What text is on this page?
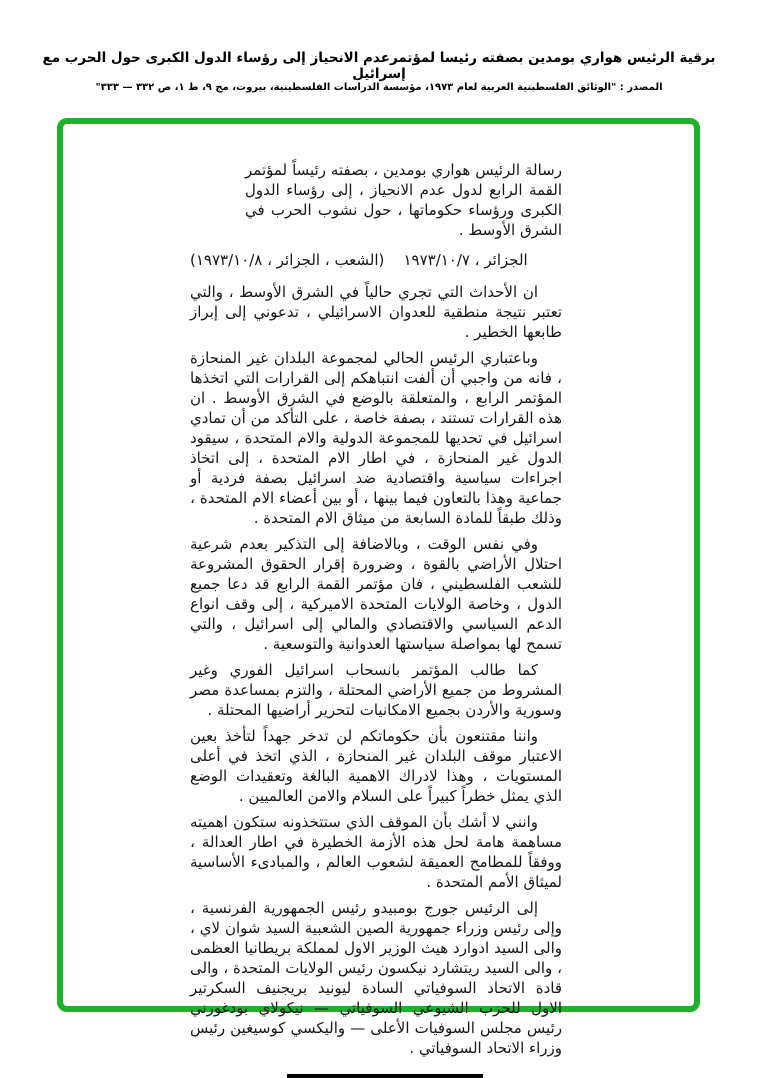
برقية الرئيس هواري بومدين بصفته رئيسا لمؤتمرعدم الانحياز إلى رؤساء الدول الكبرى حول الحرب مع إسرائيل
المصدر : "الوثائق الفلسطينية العربية لعام ١٩٧٣، مؤسسة الدراسات الفلسطينية، بيروت، مج ٩، ط ١، ص ٣٣٢ — ٣٣٣"

رسالة الرئيس هواري بومدين ، بصفته رئيساً لمؤتمر القمة الرابع لدول عدم الانحياز ، إلى رؤساء الدول الكبرى ورؤساء حكوماتها ، حول نشوب الحرب في الشرق الأوسط .

الجزائر ، ١٩٧٣/١٠/٧    (الشعب ، الجزائر ، ١٩٧٣/١٠/٨)

ان الأحداث التي تجري حالياً في الشرق الأوسط ، والتي تعتبر نتيجة منطقية للعدوان الاسرائيلي ، تدعوني إلى إبراز طابعها الخطير .

وباعتباري الرئيس الحالي لمجموعة البلدان غير المنحازة ، فانه من واجبي أن ألفت انتباهكم إلى القرارات التي اتخذها المؤتمر الرابع ، والمتعلقة بالوضع في الشرق الأوسط . ان هذه القرارات تستند ، بصفة خاصة ، على التأكد من أن تمادي اسرائيل في تحديها للمجموعة الدولية والام المتحدة ، سيقود الدول غير المنحازة ، في اطار الام المتحدة ، إلى اتخاذ اجراءات سياسية واقتصادية ضد اسرائيل بصفة فردية أو جماعية وهذا بالتعاون فيما بينها ، أو بين أعضاء الام المتحدة ، وذلك طبقاً للمادة السابعة من ميثاق الام المتحدة .

وفي نفس الوقت ، وبالاضافة إلى التذكير بعدم شرعية احتلال الأراضي بالقوة ، وضرورة إقرار الحقوق المشروعة للشعب الفلسطيني ، فان مؤتمر القمة الرابع قد دعا جميع الدول ، وخاصة الولايات المتحدة الاميركية ، إلى وقف انواع الدعم السياسي والاقتصادي والمالي إلى اسرائيل ، والتي تسمح لها بمواصلة سياستها العدوانية والتوسعية .

كما طالب المؤتمر بانسحاب اسرائيل الفوري وغير المشروط من جميع الأراضي المحتلة ، والتزم بمساعدة مصر وسورية والأردن بجميع الامكانيات لتحرير أراضيها المحتلة .

واننا مقتنعون بأن حكوماتكم لن تدخر جهداً لتأخذ بعين الاعتبار موقف البلدان غير المنحازة ، الذي اتخذ في أعلى المستويات ، وهذا لادراك الاهمية البالغة وتعقيدات الوضع الذي يمثل خطراً كبيراً على السلام والامن العالميين .

وانني لا أشك بأن الموقف الذي ستتخذونه ستكون اهميته مساهمة هامة لحل هذه الأزمة الخطيرة في اطار العدالة ، ووفقاً للمطامح العميقة لشعوب العالم ، والمبادىء الأساسية لميثاق الأمم المتحدة .

إلى الرئيس جورج بومبيدو رئيس الجمهورية الفرنسية ، وإلى رئيس وزراء جمهورية الصين الشعبية السيد شوان لاي ، والى السيد ادوارد هيث الوزير الاول لمملكة بريطانيا العظمى ، والى السيد ريتشارد نيكسون رئيس الولايات المتحدة ، والى قادة الاتحاد السوفياتي السادة ليونيد بريجنيف السكرتير الاول للحزب الشيوعي السوفياتي — نيكولاي بودغورني رئيس مجلس السوفيات الأعلى — واليكسي كوسيغين رئيس وزراء الاتحاد السوفياتي .
